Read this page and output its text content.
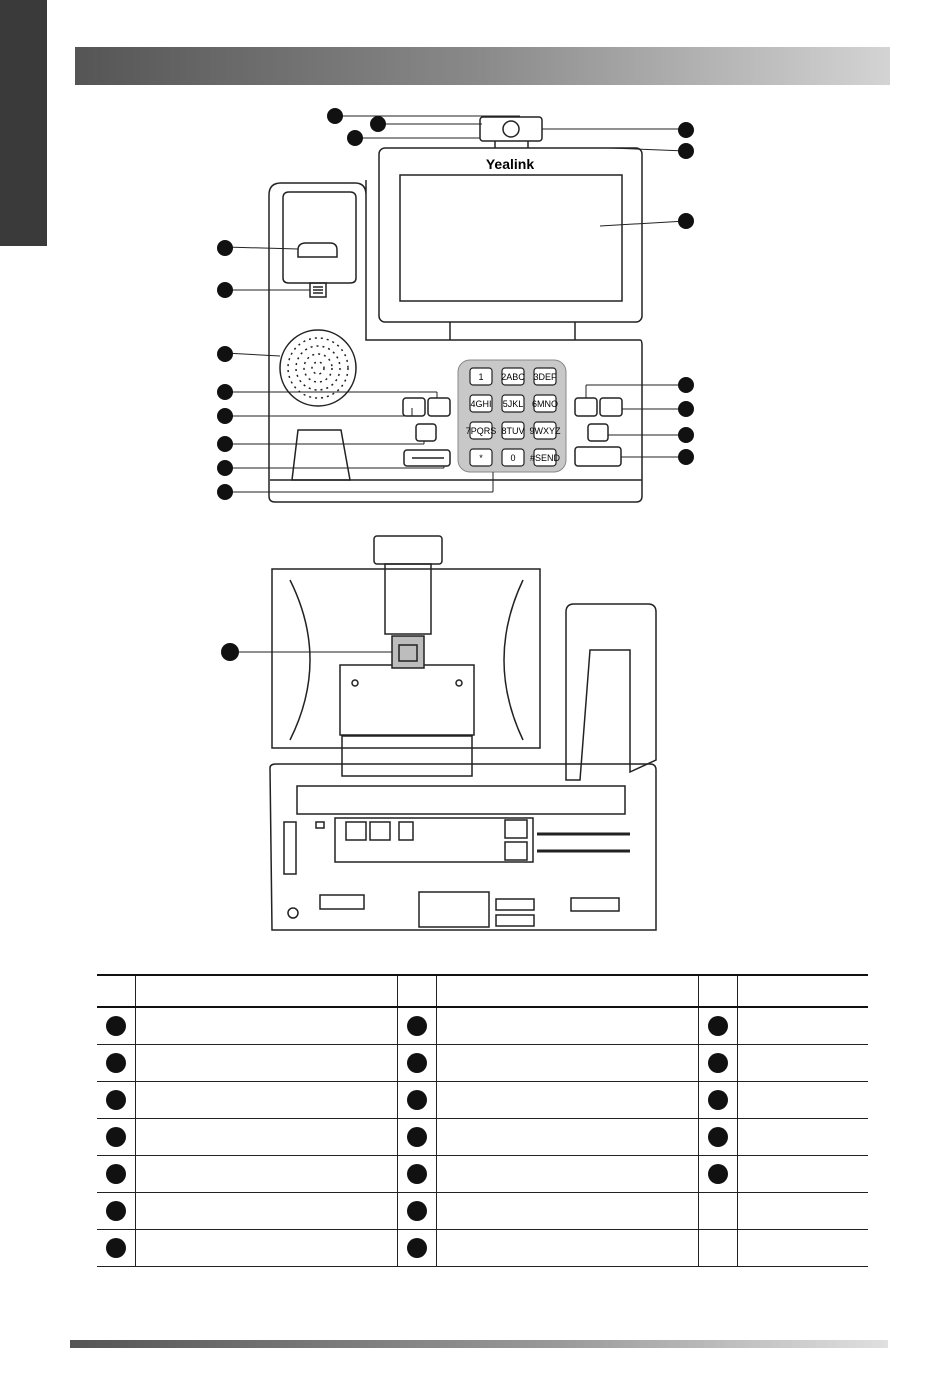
1 2ABC 3DEF
4GHI 5JKL 6MNO
7PQRS 8TUV 9WXYZ
*	0 #SEND
Yealink
